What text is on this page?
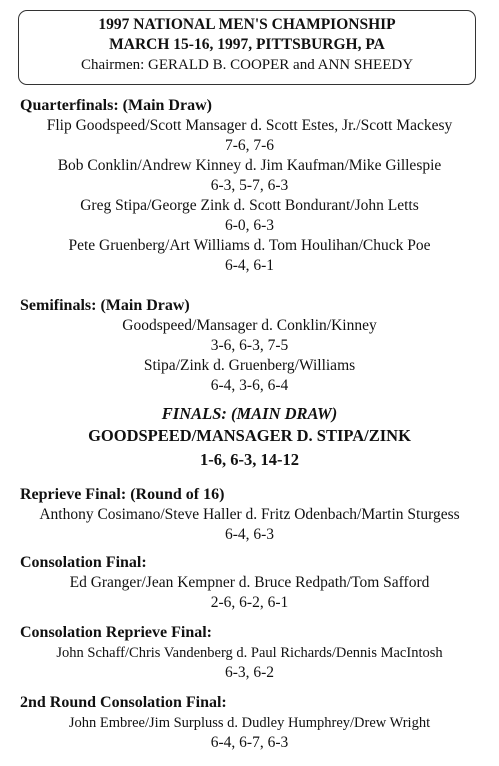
1997 NATIONAL MEN'S CHAMPIONSHIP
MARCH 15-16, 1997, PITTSBURGH, PA
Chairmen: GERALD B. COOPER and ANN SHEEDY
Quarterfinals: (Main Draw)
Flip Goodspeed/Scott Mansager d. Scott Estes, Jr./Scott Mackesy
7-6, 7-6
Bob Conklin/Andrew Kinney d. Jim Kaufman/Mike Gillespie
6-3, 5-7, 6-3
Greg Stipa/George Zink d. Scott Bondurant/John Letts
6-0, 6-3
Pete Gruenberg/Art Williams d. Tom Houlihan/Chuck Poe
6-4, 6-1
Semifinals: (Main Draw)
Goodspeed/Mansager d. Conklin/Kinney
3-6, 6-3, 7-5
Stipa/Zink d. Gruenberg/Williams
6-4, 3-6, 6-4
FINALS: (MAIN DRAW)
GOODSPEED/MANSAGER D. STIPA/ZINK
1-6, 6-3, 14-12
Reprieve Final: (Round of 16)
Anthony Cosimano/Steve Haller d. Fritz Odenbach/Martin Sturgess
6-4, 6-3
Consolation Final:
Ed Granger/Jean Kempner d. Bruce Redpath/Tom Safford
2-6, 6-2, 6-1
Consolation Reprieve Final:
John Schaff/Chris Vandenberg d. Paul Richards/Dennis MacIntosh
6-3, 6-2
2nd Round Consolation Final:
John Embree/Jim Surpluss d. Dudley Humphrey/Drew Wright
6-4, 6-7, 6-3
